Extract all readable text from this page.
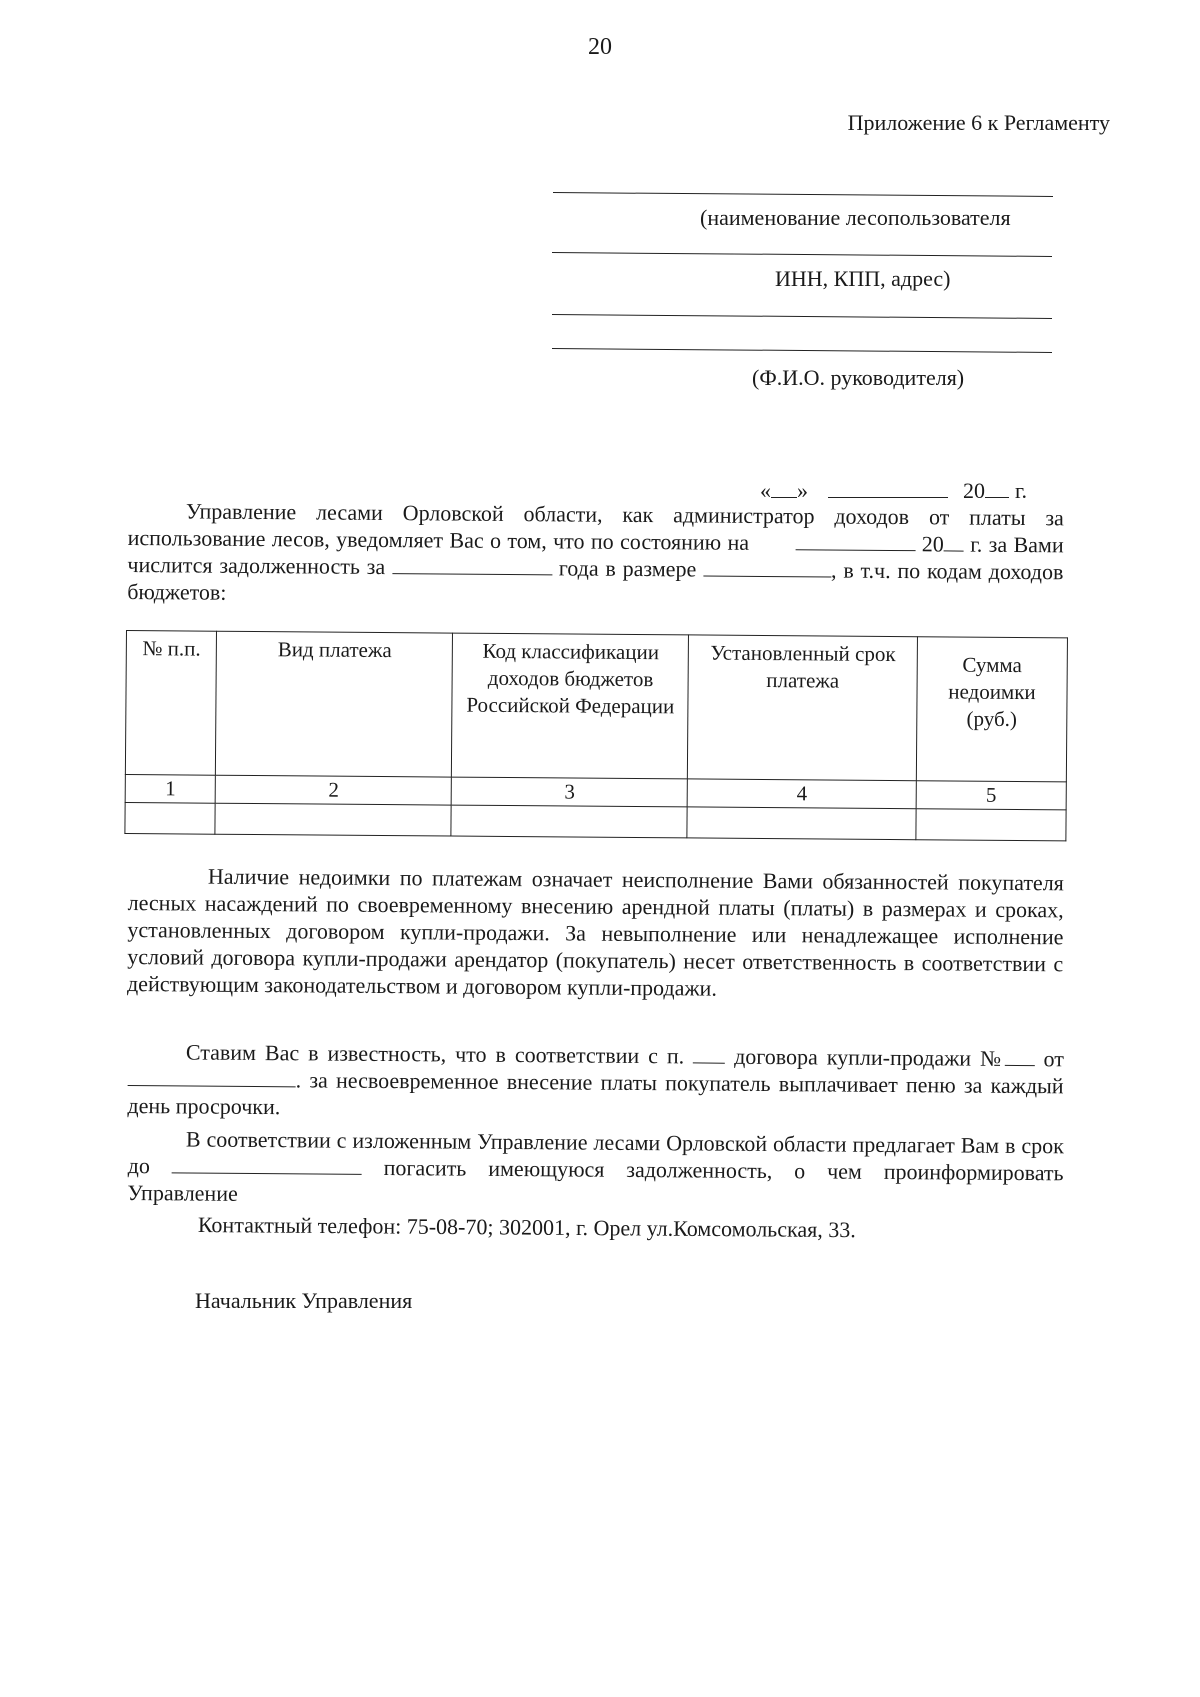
20
Приложение 6 к Регламенту
(наименование лесопользователя
ИНН, КПП, адрес)
(Ф.И.О. руководителя)
« »	20 г.
Управление лесами Орловской области, как администратор доходов от платы за использование лесов, уведомляет Вас о том, что по состоянию на	20 г. за Вами числится задолженность за	года в размере	, в т.ч. по кодам доходов бюджетов:
№ п.п.	Вид платежа	Код классификации доходов бюджетов Российской Федерации	Установленный срок платежа	Сумма недоимки (руб.)
1	2	3	4	5

Наличие недоимки по платежам означает неисполнение Вами обязанностей покупателя лесных насаждений по своевременному внесению арендной платы (платы) в размерах и сроках, установленных договором купли-продажи. За невыполнение или ненадлежащее исполнение условий договора купли-продажи арендатор (покупатель) несет ответственность в соответствии с действующим законодательством и договором купли-продажи.
Ставим Вас в известность, что в соответствии с п. договора купли-продажи № от . за несвоевременное внесение платы покупатель выплачивает пеню за каждый день просрочки.
В соответствии с изложенным Управление лесами Орловской области предлагает Вам в срок до	погасить имеющуюся задолженность, о чем проинформировать Управление
Контактный телефон: 75-08-70; 302001, г. Орел ул.Комсомольская, 33.
Начальник Управления
